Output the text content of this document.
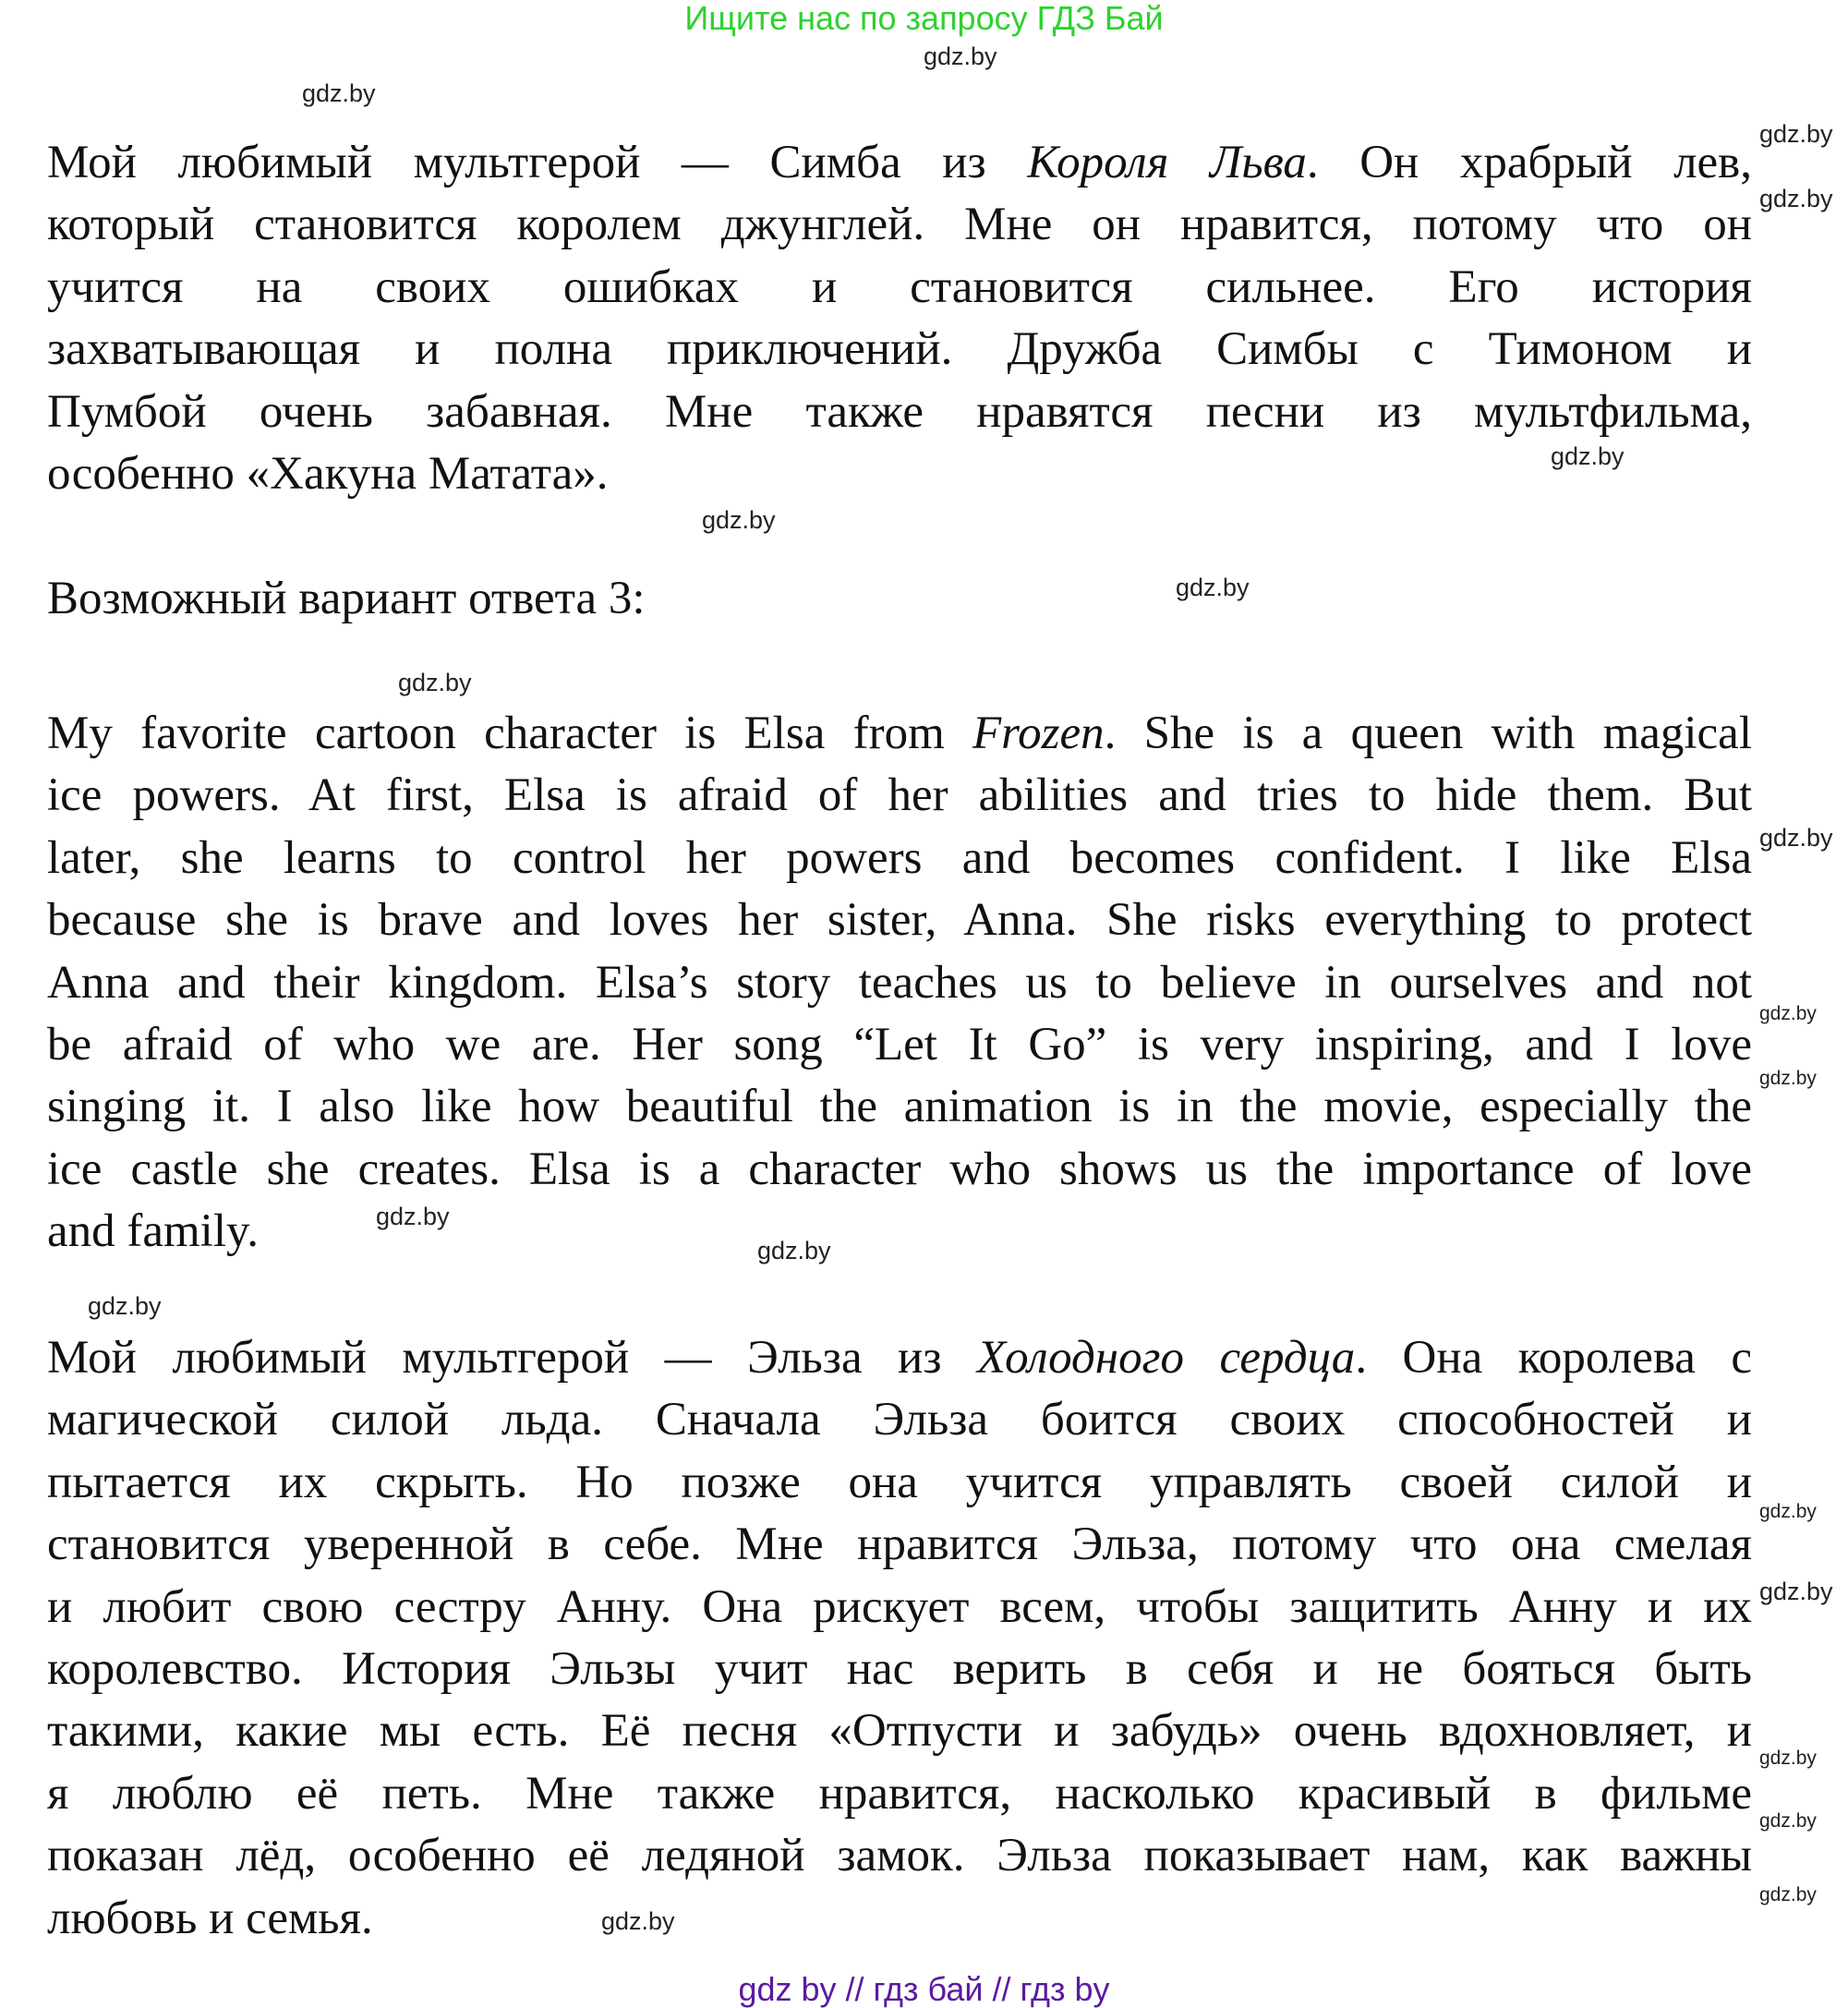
Ищите нас по запросу ГДЗ Бай
Возможный вариант ответа 3:
Мой любимый мультгерой — Симба из Короля Льва. Он храбрый лев,
который становится королем джунглей. Мне он нравится, потому что он
учится на своих ошибках и становится сильнее. Его история
захватывающая и полна приключений. Дружба Симбы с Тимоном и
Пумбой очень забавная. Мне также нравятся песни из мультфильма,
особенно «Хакуна Матата».
My favorite cartoon character is Elsa from Frozen. She is a queen with magical
ice powers. At first, Elsa is afraid of her abilities and tries to hide them. But
later, she learns to control her powers and becomes confident. I like Elsa
because she is brave and loves her sister, Anna. She risks everything to protect
Anna and their kingdom. Elsa’s story teaches us to believe in ourselves and not
be afraid of who we are. Her song “Let It Go” is very inspiring, and I love
singing it. I also like how beautiful the animation is in the movie, especially the
ice castle she creates. Elsa is a character who shows us the importance of love
and family.
Мой любимый мультгерой — Эльза из Холодного сердца. Она королева с
магической силой льда. Сначала Эльза боится своих способностей и
пытается их скрыть. Но позже она учится управлять своей силой и
становится уверенной в себе. Мне нравится Эльза, потому что она смелая
и любит свою сестру Анну. Она рискует всем, чтобы защитить Анну и их
королевство. История Эльзы учит нас верить в себя и не бояться быть
такими, какие мы есть. Её песня «Отпусти и забудь» очень вдохновляет, и
я люблю её петь. Мне также нравится, насколько красивый в фильме
показан лёд, особенно её ледяной замок. Эльза показывает нам, как важны
любовь и семья.
gdz.by
gdz.by
gdz.by
gdz.by
gdz.by
gdz.by
gdz.by
gdz.by
gdz.by
gdz.by
gdz.by
gdz.by
gdz.by
gdz.by
gdz.by
gdz.by
gdz.by
gdz.by
gdz.by
gdz.by
gdz by // гдз бай // гдз by
